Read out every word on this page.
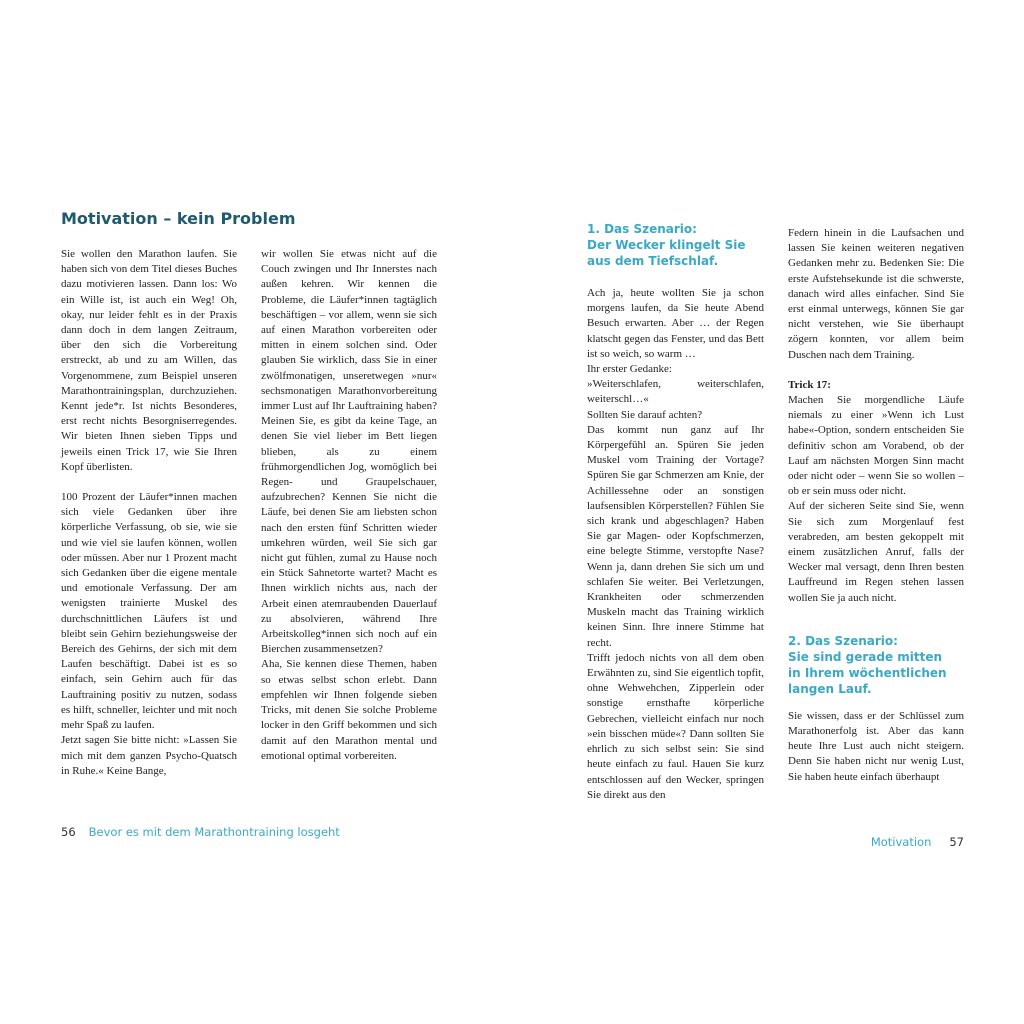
Motivation – kein Problem

Sie wollen den Marathon laufen. Sie haben sich von dem Titel dieses Buches dazu motivieren lassen. Dann los: Wo ein Wille ist, ist auch ein Weg! Oh, okay, nur leider fehlt es in der Praxis dann doch in dem langen Zeitraum, über den sich die Vorbereitung erstreckt, ab und zu am Willen, das Vorgenommene, zum Beispiel unseren Marathontrainingsplan, durchzuziehen. Kennt jede*r. Ist nichts Besonderes, erst recht nichts Besorgniserregendes. Wir bieten Ihnen sieben Tipps und jeweils einen Trick 17, wie Sie Ihren Kopf überlisten.

100 Prozent der Läufer*innen machen sich viele Gedanken über ihre körperliche Verfassung, ob sie, wie sie und wie viel sie laufen können, wollen oder müssen. Aber nur 1 Prozent macht sich Gedanken über die eigene mentale und emotionale Verfassung. Der am wenigsten trainierte Muskel des durchschnittlichen Läufers ist und bleibt sein Gehirn beziehungsweise der Bereich des Gehirns, der sich mit dem Laufen beschäftigt. Dabei ist es so einfach, sein Gehirn auch für das Lauftraining positiv zu nutzen, sodass es hilft, schneller, leichter und mit noch mehr Spaß zu laufen.

Jetzt sagen Sie bitte nicht: »Lassen Sie mich mit dem ganzen Psycho-Quatsch in Ruhe.« Keine Bange,

wir wollen Sie etwas nicht auf die Couch zwingen und Ihr Innerstes nach außen kehren. Wir kennen die Probleme, die Läufer*innen tagtäglich beschäftigen – vor allem, wenn sie sich auf einen Marathon vorbereiten oder mitten in einem solchen sind. Oder glauben Sie wirklich, dass Sie in einer zwölfmonatigen, unseretwegen »nur« sechsmonatigen Marathonvorbereitung immer Lust auf Ihr Lauftraining haben? Meinen Sie, es gibt da keine Tage, an denen Sie viel lieber im Bett liegen blieben, als zu einem frühmorgendlichen Jog, womöglich bei Regen- und Graupelschauer, aufzubrechen? Kennen Sie nicht die Läufe, bei denen Sie am liebsten schon nach den ersten fünf Schritten wieder umkehren würden, weil Sie sich gar nicht gut fühlen, zumal zu Hause noch ein Stück Sahnetorte wartet? Macht es Ihnen wirklich nichts aus, nach der Arbeit einen atemraubenden Dauerlauf zu absolvieren, während Ihre Arbeitskolleg*innen sich noch auf ein Bierchen zusammensetzen?

Aha, Sie kennen diese Themen, haben so etwas selbst schon erlebt. Dann empfehlen wir Ihnen folgende sieben Tricks, mit denen Sie solche Probleme locker in den Griff bekommen und sich damit auf den Marathon mental und emotional optimal vorbereiten.

56 Bevor es mit dem Marathontraining losgeht
1. Das Szenario:
Der Wecker klingelt Sie
aus dem Tiefschlaf.

Ach ja, heute wollten Sie ja schon morgens laufen, da Sie heute Abend Besuch erwarten. Aber … der Regen klatscht gegen das Fenster, und das Bett ist so weich, so warm …

Ihr erster Gedanke:

»Weiterschlafen, weiterschlafen, weiterschl…«

Sollten Sie darauf achten?

Das kommt nun ganz auf Ihr Körpergefühl an. Spüren Sie jeden Muskel vom Training der Vortage? Spüren Sie gar Schmerzen am Knie, der Achillessehne oder an sonstigen laufsensiblen Körperstellen? Fühlen Sie sich krank und abgeschlagen? Haben Sie gar Magen- oder Kopfschmerzen, eine belegte Stimme, verstopfte Nase? Wenn ja, dann drehen Sie sich um und schlafen Sie weiter. Bei Verletzungen, Krankheiten oder schmerzenden Muskeln macht das Training wirklich keinen Sinn. Ihre innere Stimme hat recht.

Trifft jedoch nichts von all dem oben Erwähnten zu, sind Sie eigentlich topfit, ohne Wehwehchen, Zipperlein oder sonstige ernsthafte körperliche Gebrechen, vielleicht einfach nur noch »ein bisschen müde«? Dann sollten Sie ehrlich zu sich selbst sein: Sie sind heute einfach zu faul. Hauen Sie kurz entschlossen auf den Wecker, springen Sie direkt aus den

Federn hinein in die Laufsachen und lassen Sie keinen weiteren negativen Gedanken mehr zu. Bedenken Sie: Die erste Aufstehsekunde ist die schwerste, danach wird alles einfacher. Sind Sie erst einmal unterwegs, können Sie gar nicht verstehen, wie Sie überhaupt zögern konnten, vor allem beim Duschen nach dem Training.

Trick 17:

Machen Sie morgendliche Läufe niemals zu einer »Wenn ich Lust habe«-Option, sondern entscheiden Sie definitiv schon am Vorabend, ob der Lauf am nächsten Morgen Sinn macht oder nicht oder – wenn Sie so wollen – ob er sein muss oder nicht.

Auf der sicheren Seite sind Sie, wenn Sie sich zum Morgenlauf fest verabreden, am besten gekoppelt mit einem zusätzlichen Anruf, falls der Wecker mal versagt, denn Ihren besten Lauffreund im Regen stehen lassen wollen Sie ja auch nicht.

2. Das Szenario:
Sie sind gerade mitten
in Ihrem wöchentlichen
langen Lauf.

Sie wissen, dass er der Schlüssel zum Marathonerfolg ist. Aber das kann heute Ihre Lust auch nicht steigern. Denn Sie haben nicht nur wenig Lust, Sie haben heute einfach überhaupt

Motivation 57
